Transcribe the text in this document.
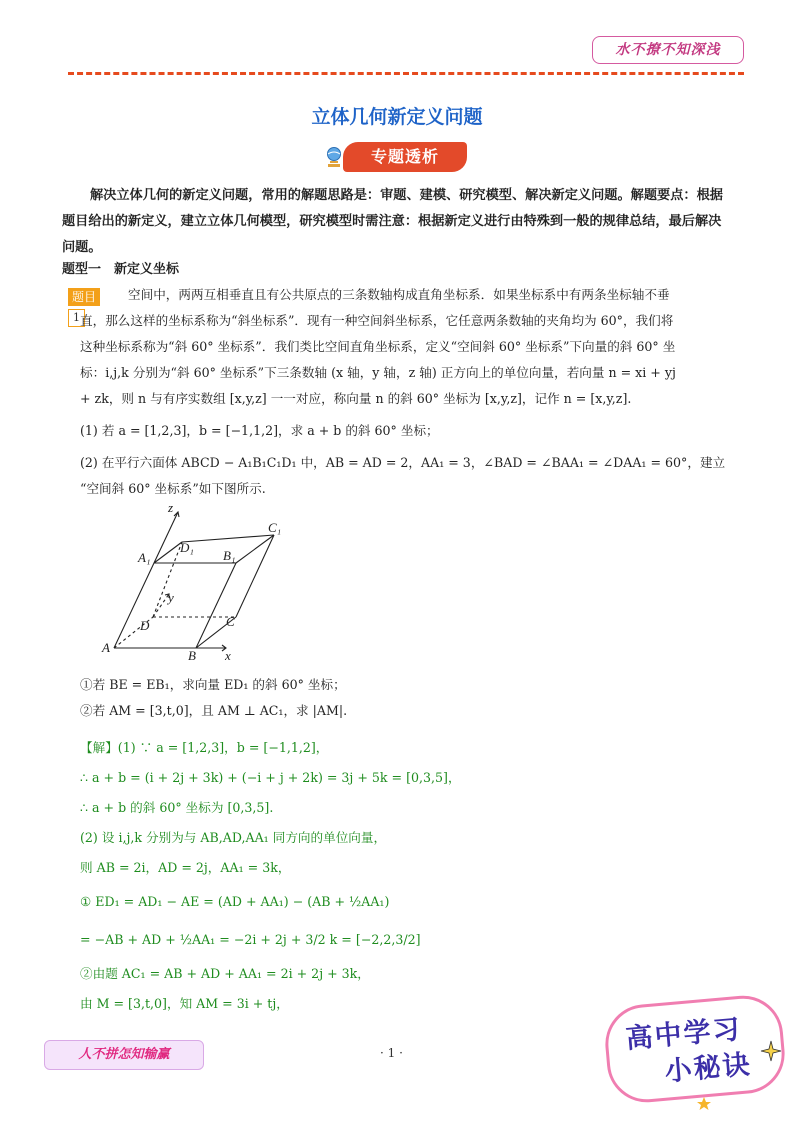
水不撩不知深浅
立体几何新定义问题
专题透析
解决立体几何的新定义问题，常用的解题思路是：审题、建模、研究模型、解决新定义问题。解题要点：根据题目给出的新定义，建立立体几何模型，研究模型时需注意：根据新定义进行由特殊到一般的规律总结，最后解决问题。
题型一　新定义坐标
题目1
空间中，两两互相垂直且有公共原点的三条数轴构成直角坐标系．如果坐标系中有两条坐标轴不垂
直，那么这样的坐标系称为“斜坐标系”．现有一种空间斜坐标系，它任意两条数轴的夹角均为 60°，我们将
这种坐标系称为“斜 60° 坐标系”．我们类比空间直角坐标系，定义“空间斜 60° 坐标系”下向量的斜 60° 坐
标：i,j,k 分别为“斜 60° 坐标系”下三条数轴 (x 轴，y 轴，z 轴) 正方向上的单位向量，若向量 n = xi + yj
+ zk，则 n 与有序实数组 [x,y,z] 一一对应，称向量 n 的斜 60° 坐标为 [x,y,z]，记作 n = [x,y,z].
(1) 若 a = [1,2,3]，b = [−1,1,2]，求 a + b 的斜 60° 坐标；
(2) 在平行六面体 ABCD − A₁B₁C₁D₁ 中，AB = AD = 2，AA₁ = 3，∠BAD = ∠BAA₁ = ∠DAA₁ = 60°，建立
“空间斜 60° 坐标系”如下图所示.
z
y
x
A
B
C
D
A₁	B₁
C₁
D₁
①若 BE = EB₁，求向量 ED₁ 的斜 60° 坐标；
②若 AM = [3,t,0]，且 AM ⊥ AC₁，求 |AM|.
【解】(1) ∵ a = [1,2,3]，b = [−1,1,2]，
∴ a + b = (i + 2j + 3k) + (−i + j + 2k) = 3j + 5k = [0,3,5]，
∴ a + b 的斜 60° 坐标为 [0,3,5].
(2) 设 i,j,k 分别为与 AB,AD,AA₁ 同方向的单位向量，
则 AB = 2i，AD = 2j，AA₁ = 3k，
① ED₁ = AD₁ − AE = (AD + AA₁) − (AB + ½AA₁)
= −AB + AD + ½AA₁ = −2i + 2j + 3/2 k = [−2,2,3/2]
②由题 AC₁ = AB + AD + AA₁ = 2i + 2j + 3k，
由 M = [3,t,0]，知 AM = 3i + tj，
人不拼怎知输赢	· 1 ·	高中学习
小秘诀
